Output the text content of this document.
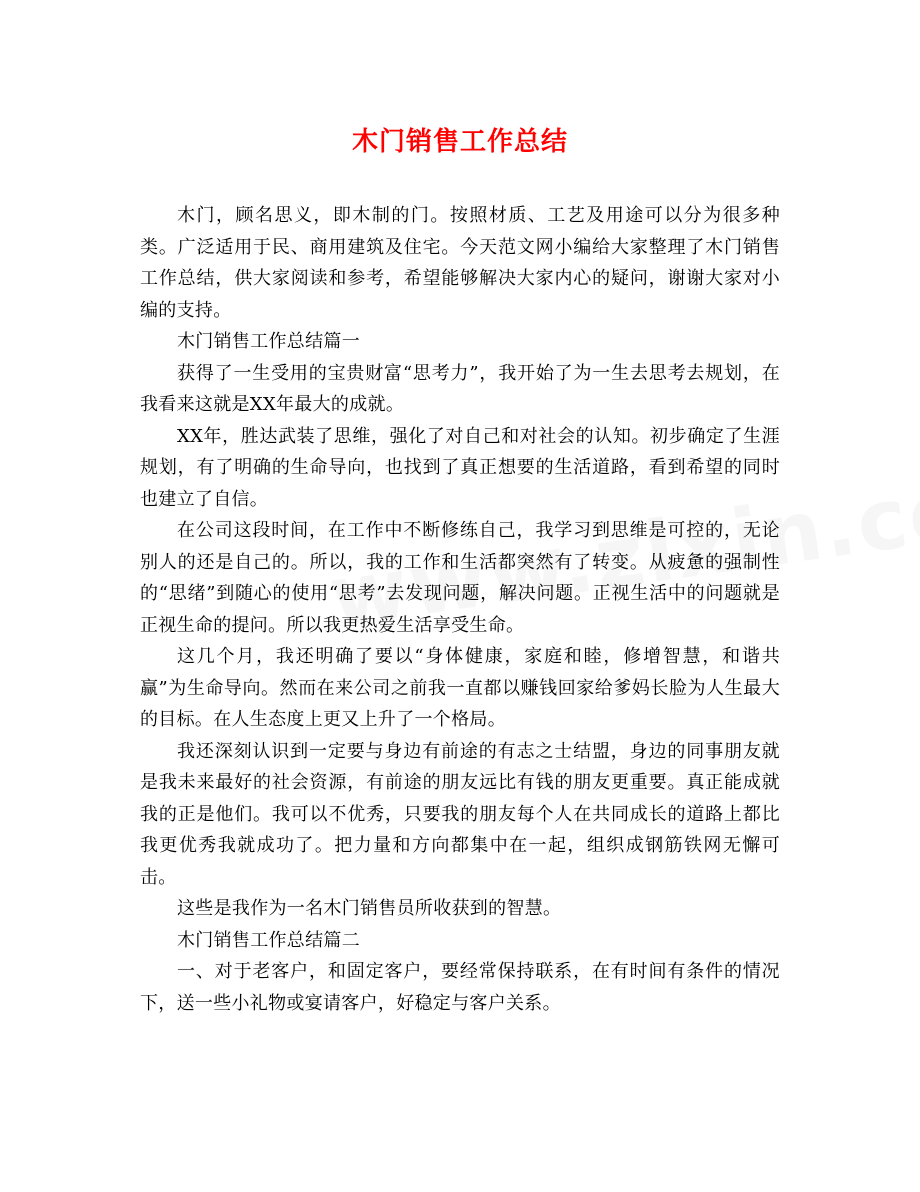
木门销售工作总结

木门，顾名思义，即木制的门。按照材质、工艺及用途可以分为很多种类。广泛适用于民、商用建筑及住宅。今天范文网小编给大家整理了木门销售工作总结，供大家阅读和参考，希望能够解决大家内心的疑问，谢谢大家对小编的支持。

木门销售工作总结篇一

获得了一生受用的宝贵财富“思考力”，我开始了为一生去思考去规划，在我看来这就是XX年最大的成就。

XX年，胜达武装了思维，强化了对自己和对社会的认知。初步确定了生涯规划，有了明确的生命导向，也找到了真正想要的生活道路，看到希望的同时也建立了自信。

在公司这段时间，在工作中不断修练自己，我学习到思维是可控的，无论别人的还是自己的。所以，我的工作和生活都突然有了转变。从疲惫的强制性的“思绪”到随心的使用“思考”去发现问题，解决问题。正视生活中的问题就是正视生命的提问。所以我更热爱生活享受生命。

这几个月，我还明确了要以“身体健康，家庭和睦，修增智慧，和谐共赢”为生命导向。然而在来公司之前我一直都以赚钱回家给爹妈长脸为人生最大的目标。在人生态度上更又上升了一个格局。

我还深刻认识到一定要与身边有前途的有志之士结盟，身边的同事朋友就是我未来最好的社会资源，有前途的朋友远比有钱的朋友更重要。真正能成就我的正是他们。我可以不优秀，只要我的朋友每个人在共同成长的道路上都比我更优秀我就成功了。把力量和方向都集中在一起，组织成钢筋铁网无懈可击。

这些是我作为一名木门销售员所收获到的智慧。

木门销售工作总结篇二

一、对于老客户，和固定客户，要经常保持联系，在有时间有条件的情况下，送一些小礼物或宴请客户，好稳定与客户关系。
